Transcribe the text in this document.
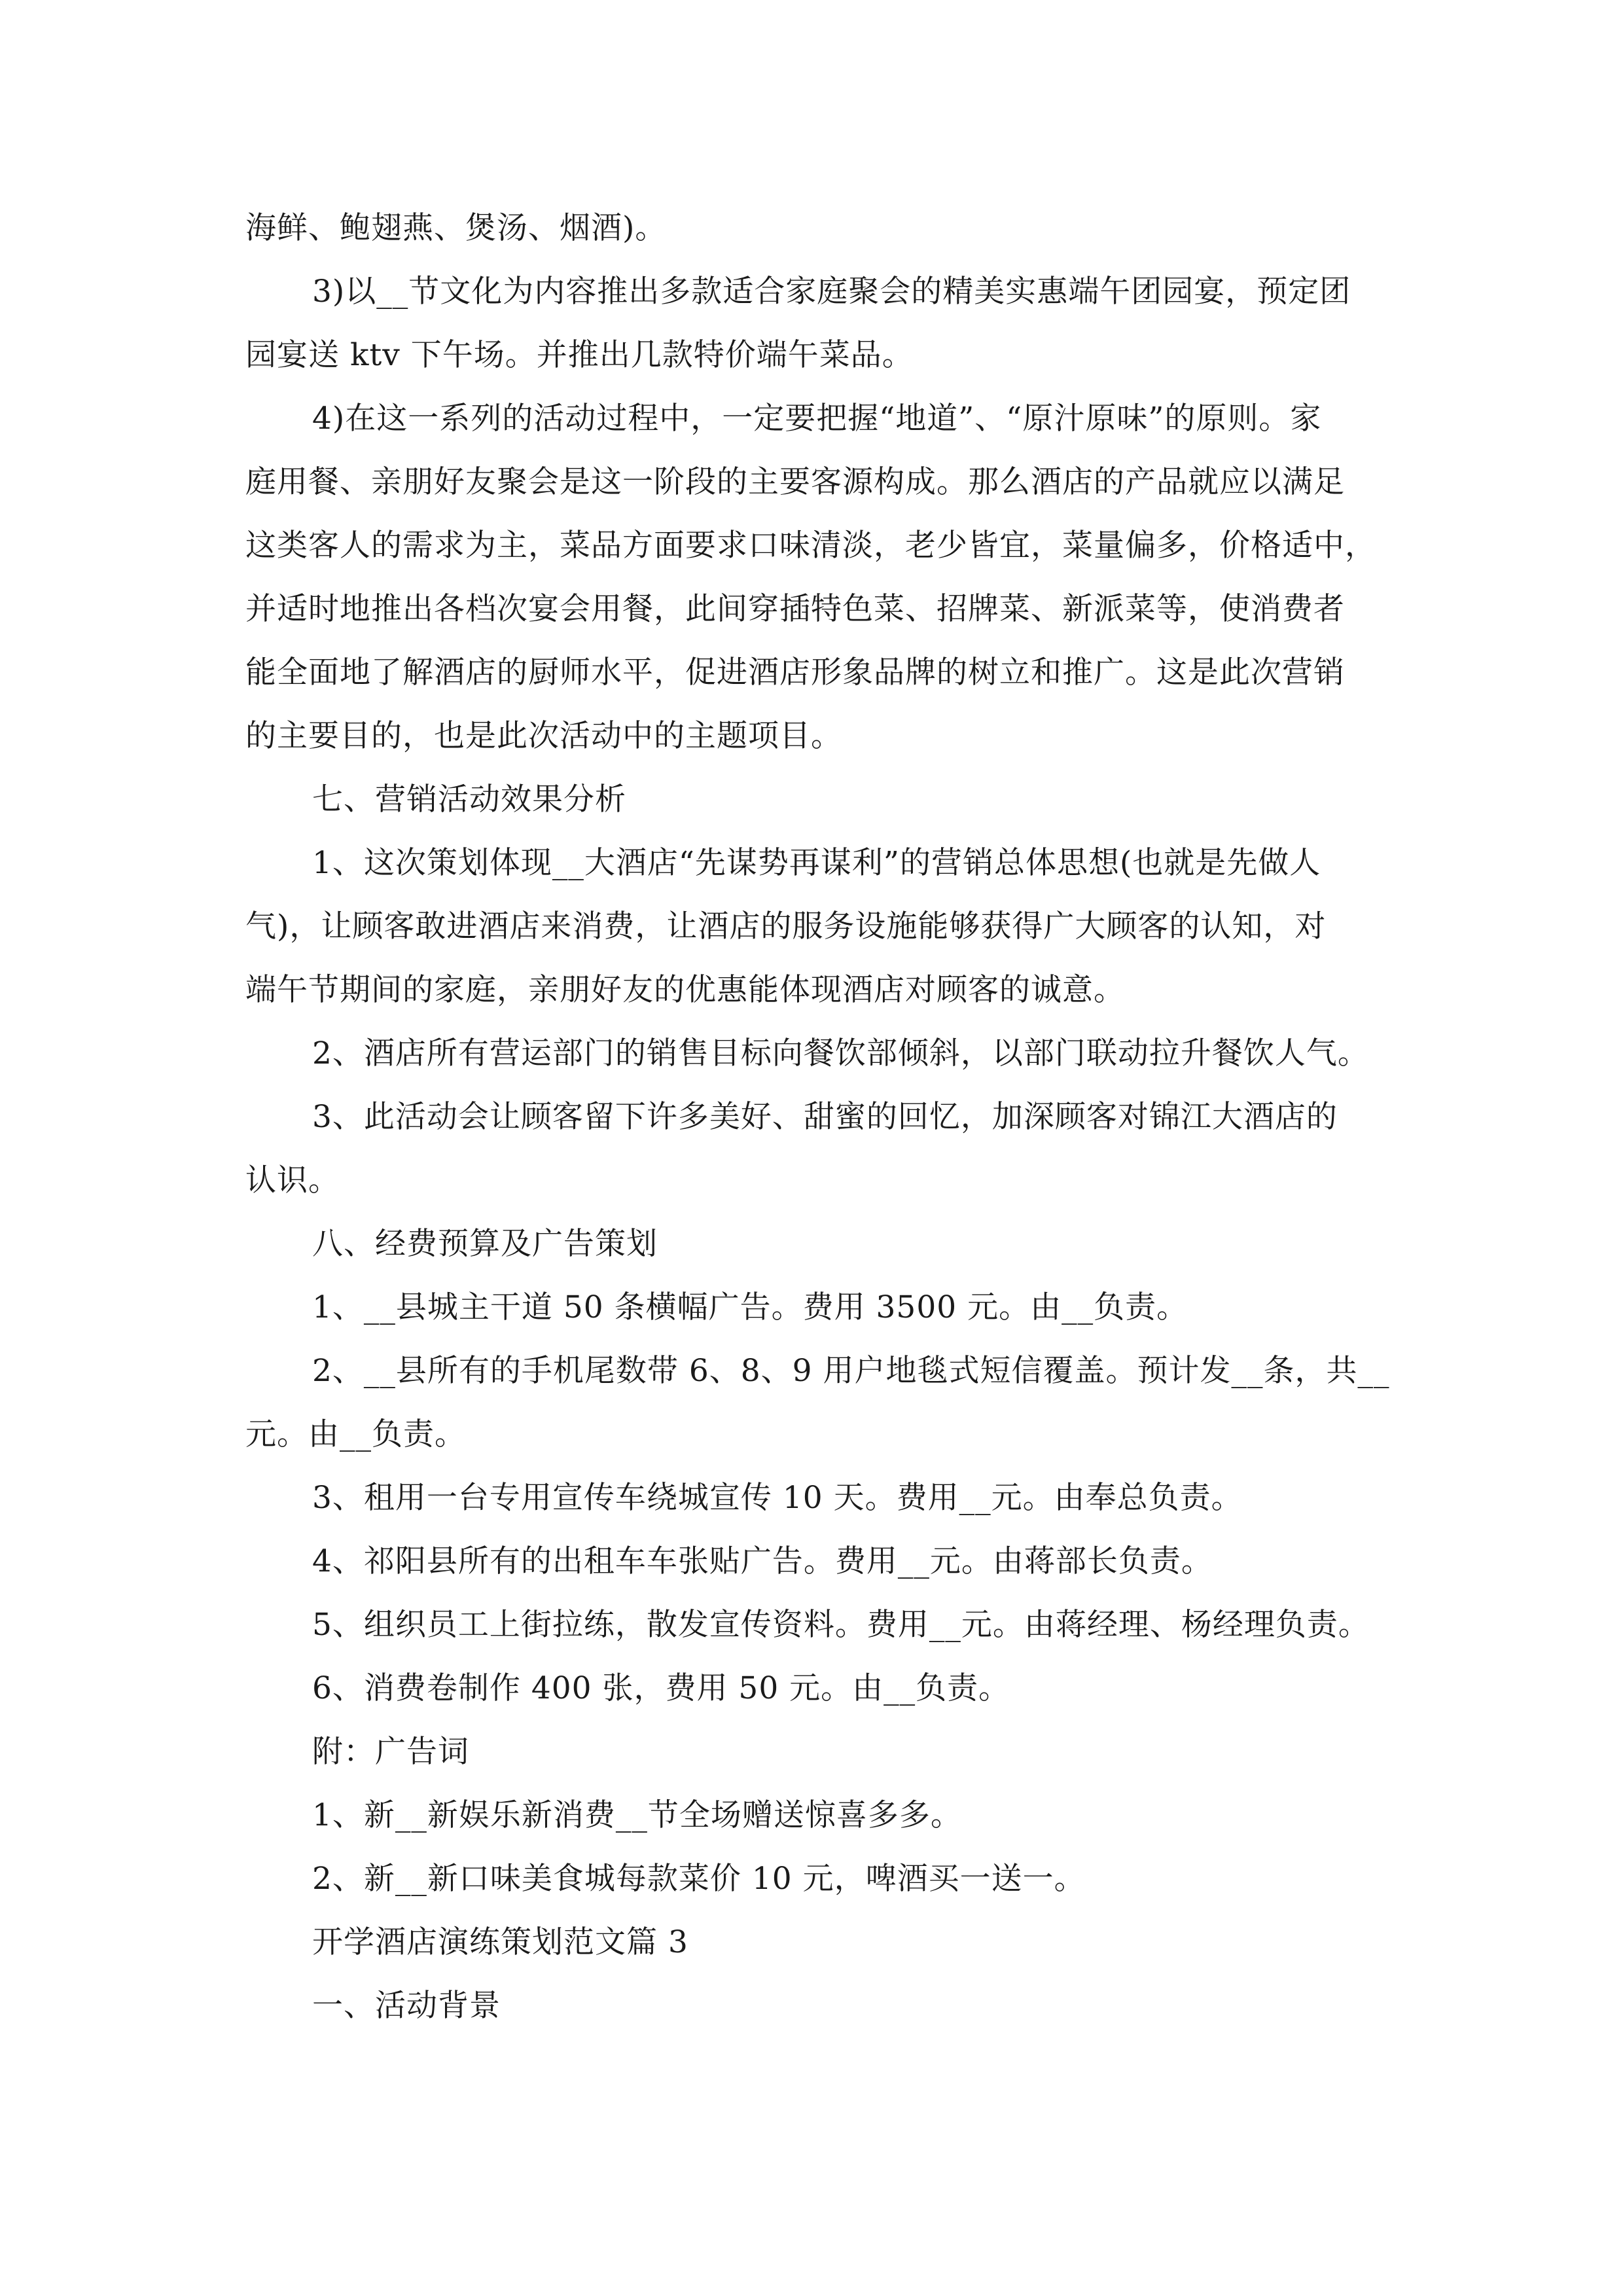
海鲜、鲍翅燕、煲汤、烟酒)。
3)以__节文化为内容推出多款适合家庭聚会的精美实惠端午团园宴，预定团
园宴送 ktv 下午场。并推出几款特价端午菜品。
4)在这一系列的活动过程中，一定要把握“地道”、“原汁原味”的原则。家
庭用餐、亲朋好友聚会是这一阶段的主要客源构成。那么酒店的产品就应以满足
这类客人的需求为主，菜品方面要求口味清淡，老少皆宜，菜量偏多，价格适中，
并适时地推出各档次宴会用餐，此间穿插特色菜、招牌菜、新派菜等，使消费者
能全面地了解酒店的厨师水平，促进酒店形象品牌的树立和推广。这是此次营销
的主要目的，也是此次活动中的主题项目。
七、营销活动效果分析
1、这次策划体现__大酒店“先谋势再谋利”的营销总体思想(也就是先做人
气)，让顾客敢进酒店来消费，让酒店的服务设施能够获得广大顾客的认知，对
端午节期间的家庭，亲朋好友的优惠能体现酒店对顾客的诚意。
2、酒店所有营运部门的销售目标向餐饮部倾斜，以部门联动拉升餐饮人气。
3、此活动会让顾客留下许多美好、甜蜜的回忆，加深顾客对锦江大酒店的
认识。
八、经费预算及广告策划
1、__县城主干道 50 条横幅广告。费用 3500 元。由__负责。
2、__县所有的手机尾数带 6、8、9 用户地毯式短信覆盖。预计发__条，共__
元。由__负责。
3、租用一台专用宣传车绕城宣传 10 天。费用__元。由奉总负责。
4、祁阳县所有的出租车车张贴广告。费用__元。由蒋部长负责。
5、组织员工上街拉练，散发宣传资料。费用__元。由蒋经理、杨经理负责。
6、消费卷制作 400 张，费用 50 元。由__负责。
附：广告词
1、新__新娱乐新消费__节全场赠送惊喜多多。
2、新__新口味美食城每款菜价 10 元，啤酒买一送一。
开学酒店演练策划范文篇 3
一、活动背景
